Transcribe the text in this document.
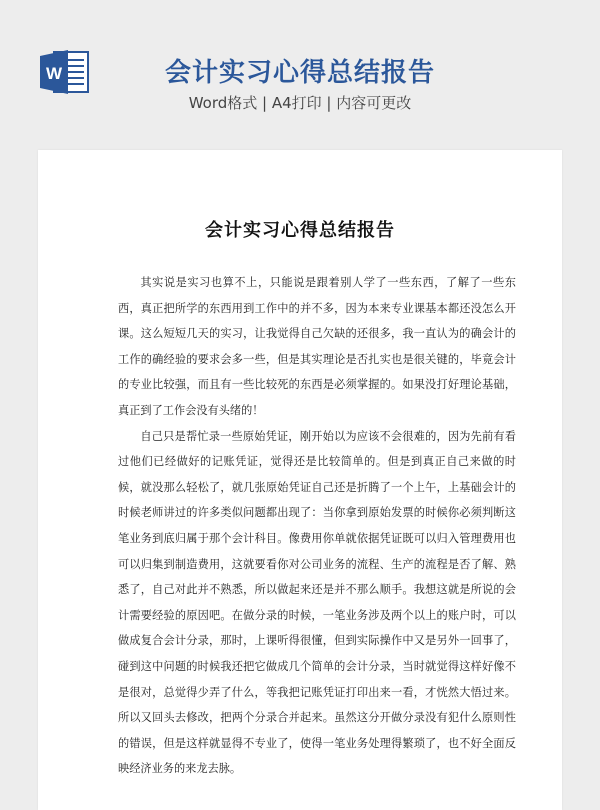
W	会计实习心得总结报告
Word格式 | A4打印 | 内容可更改
会计实习心得总结报告

其实说是实习也算不上，只能说是跟着别人学了一些东西，了解了一些东西，真正把所学的东西用到工作中的并不多，因为本来专业课基本都还没怎么开课。这么短短几天的实习，让我觉得自己欠缺的还很多，我一直认为的确会计的工作的确经验的要求会多一些，但是其实理论是否扎实也是很关键的，毕竟会计的专业比较强，而且有一些比较死的东西是必须掌握的。如果没打好理论基础，真正到了工作会没有头绪的！

自己只是帮忙录一些原始凭证，刚开始以为应该不会很难的，因为先前有看过他们已经做好的记账凭证，觉得还是比较简单的。但是到真正自己来做的时候，就没那么轻松了，就几张原始凭证自己还是折腾了一个上午，上基础会计的时候老师讲过的许多类似问题都出现了：当你拿到原始发票的时候你必须判断这笔业务到底归属于那个会计科目。像费用你单就依据凭证既可以归入管理费用也可以归集到制造费用，这就要看你对公司业务的流程、生产的流程是否了解、熟悉了，自己对此并不熟悉，所以做起来还是并不那么顺手。我想这就是所说的会计需要经验的原因吧。在做分录的时候，一笔业务涉及两个以上的账户时，可以做成复合会计分录，那时，上课听得很懂，但到实际操作中又是另外一回事了，碰到这中问题的时候我还把它做成几个简单的会计分录，当时就觉得这样好像不是很对，总觉得少弄了什么，等我把记账凭证打印出来一看，才恍然大悟过来。所以又回头去修改，把两个分录合并起来。虽然这分开做分录没有犯什么原则性的错误，但是这样就显得不专业了，使得一笔业务处理得繁琐了，也不好全面反映经济业务的来龙去脉。
